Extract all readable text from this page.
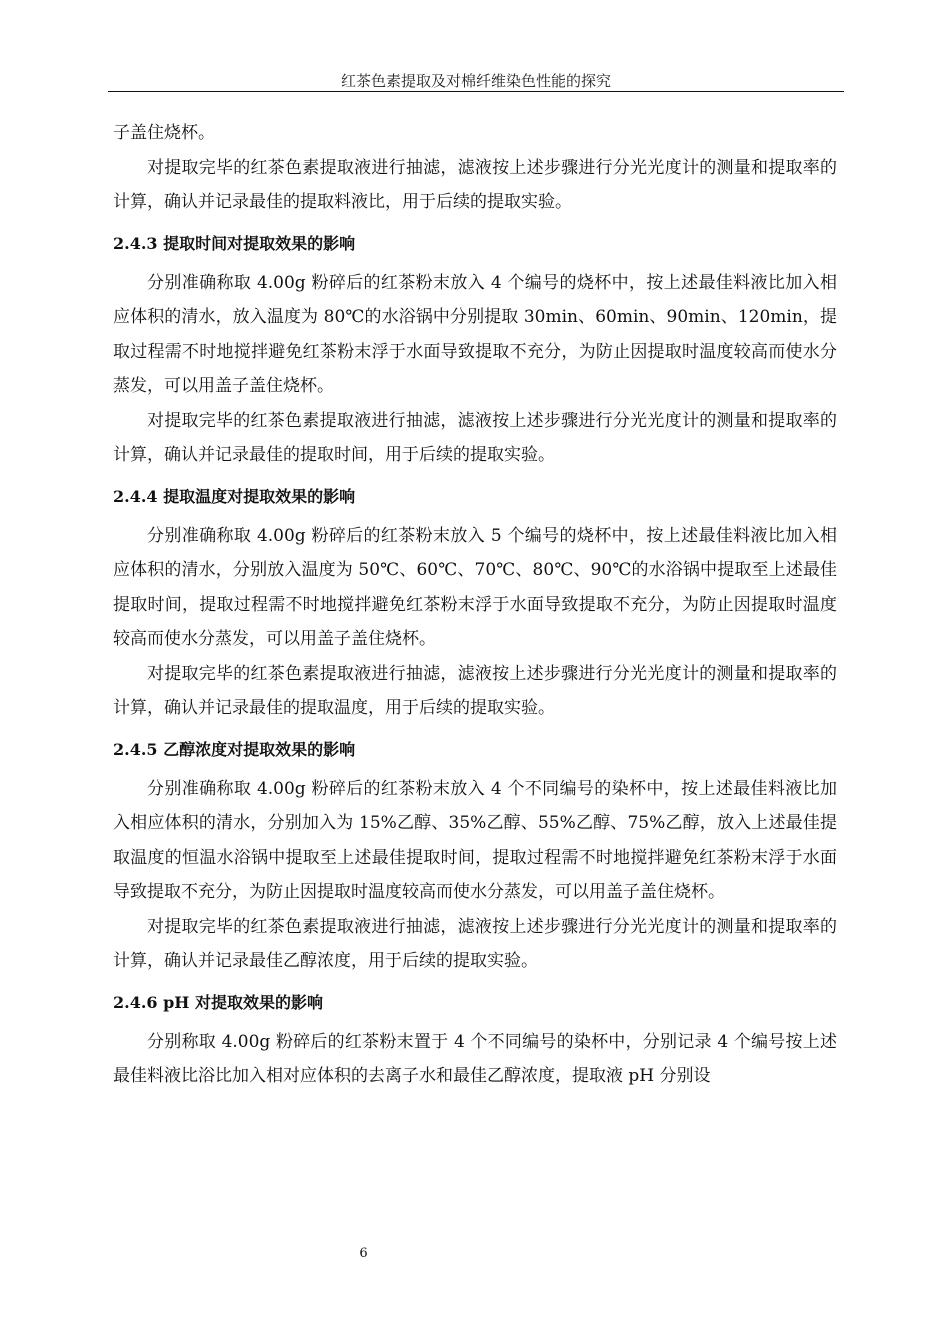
红茶色素提取及对棉纤维染色性能的探究

子盖住烧杯。

对提取完毕的红茶色素提取液进行抽滤，滤液按上述步骤进行分光光度计的测量和提取率的计算，确认并记录最佳的提取料液比，用于后续的提取实验。

2.4.3 提取时间对提取效果的影响

分别准确称取 4.00g 粉碎后的红茶粉末放入 4 个编号的烧杯中，按上述最佳料液比加入相应体积的清水，放入温度为 80℃的水浴锅中分别提取 30min、60min、90min、120min，提取过程需不时地搅拌避免红茶粉末浮于水面导致提取不充分，为防止因提取时温度较高而使水分蒸发，可以用盖子盖住烧杯。

对提取完毕的红茶色素提取液进行抽滤，滤液按上述步骤进行分光光度计的测量和提取率的计算，确认并记录最佳的提取时间，用于后续的提取实验。

2.4.4 提取温度对提取效果的影响

分别准确称取 4.00g 粉碎后的红茶粉末放入 5 个编号的烧杯中，按上述最佳料液比加入相应体积的清水，分别放入温度为 50℃、60℃、70℃、80℃、90℃的水浴锅中提取至上述最佳提取时间，提取过程需不时地搅拌避免红茶粉末浮于水面导致提取不充分，为防止因提取时温度较高而使水分蒸发，可以用盖子盖住烧杯。

对提取完毕的红茶色素提取液进行抽滤，滤液按上述步骤进行分光光度计的测量和提取率的计算，确认并记录最佳的提取温度，用于后续的提取实验。

2.4.5 乙醇浓度对提取效果的影响

分别准确称取 4.00g 粉碎后的红茶粉末放入 4 个不同编号的染杯中，按上述最佳料液比加入相应体积的清水，分别加入为 15%乙醇、35%乙醇、55%乙醇、75%乙醇，放入上述最佳提取温度的恒温水浴锅中提取至上述最佳提取时间，提取过程需不时地搅拌避免红茶粉末浮于水面导致提取不充分，为防止因提取时温度较高而使水分蒸发，可以用盖子盖住烧杯。

对提取完毕的红茶色素提取液进行抽滤，滤液按上述步骤进行分光光度计的测量和提取率的计算，确认并记录最佳乙醇浓度，用于后续的提取实验。

2.4.6 pH 对提取效果的影响

分别称取 4.00g 粉碎后的红茶粉末置于 4 个不同编号的染杯中，分别记录 4 个编号按上述最佳料液比浴比加入相对应体积的去离子水和最佳乙醇浓度，提取液 pH 分别设

6
